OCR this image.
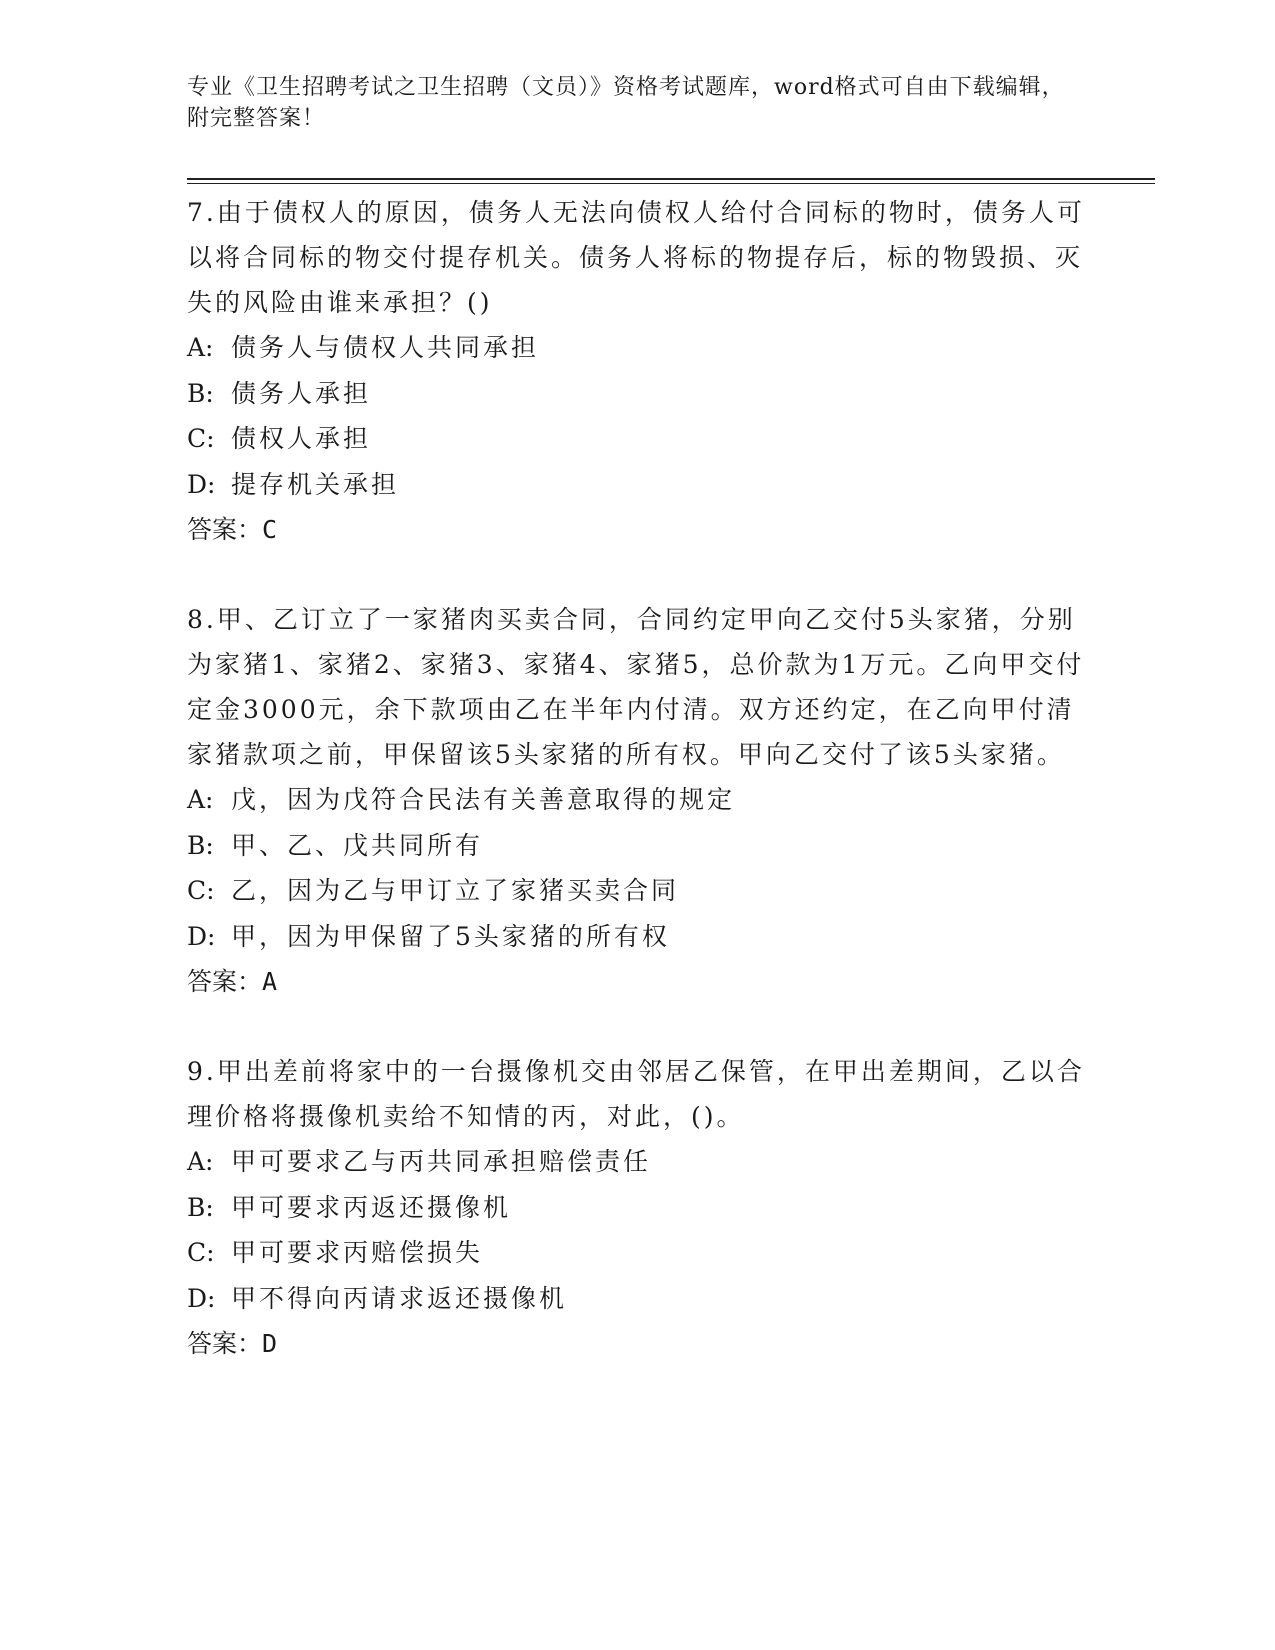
专业《卫生招聘考试之卫生招聘（文员）》资格考试题库，word格式可自由下载编辑，附完整答案！

7.由于债权人的原因，债务人无法向债权人给付合同标的物时，债务人可以将合同标的物交付提存机关。债务人将标的物提存后，标的物毁损、灭失的风险由谁来承担？()

A: 债务人与债权人共同承担

B: 债务人承担

C: 债权人承担

D: 提存机关承担

答案：C

8.甲、乙订立了一家猪肉买卖合同，合同约定甲向乙交付5头家猪，分别为家猪1、家猪2、家猪3、家猪4、家猪5，总价款为1万元。乙向甲交付定金3000元，余下款项由乙在半年内付清。双方还约定，在乙向甲付清家猪款项之前，甲保留该5头家猪的所有权。甲向乙交付了该5头家猪。

A: 戊，因为戊符合民法有关善意取得的规定

B: 甲、乙、戊共同所有

C: 乙，因为乙与甲订立了家猪买卖合同

D: 甲，因为甲保留了5头家猪的所有权

答案：A

9.甲出差前将家中的一台摄像机交由邻居乙保管，在甲出差期间，乙以合理价格将摄像机卖给不知情的丙，对此，()。

A: 甲可要求乙与丙共同承担赔偿责任

B: 甲可要求丙返还摄像机

C: 甲可要求丙赔偿损失

D: 甲不得向丙请求返还摄像机

答案：D
